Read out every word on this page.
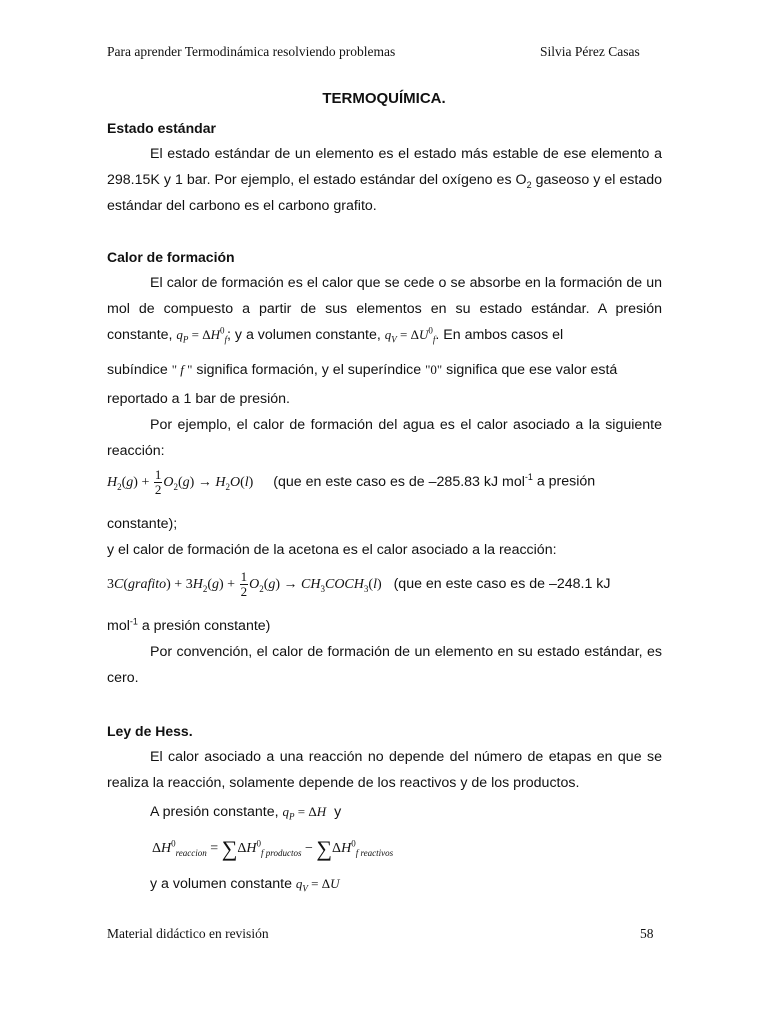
Para aprender Termodinámica resolviendo problemas	Silvia Pérez Casas
TERMOQUÍMICA.
Estado estándar
El estado estándar de un elemento es el estado más estable de ese elemento a 298.15K y 1 bar. Por ejemplo, el estado estándar del oxígeno es $O_2$ gaseoso y el estado estándar del carbono es el carbono grafito.
Calor de formación
El calor de formación es el calor que se cede o se absorbe en la formación de un mol de compuesto a partir de sus elementos en su estado estándar. A presión constante, $q_P = \Delta H^0_f$; y a volumen constante, $q_V = \Delta U^0_f$. En ambos casos el
subíndice " f " significa formación, y el superíndice "0" significa que ese valor está
reportado a 1 bar de presión.
Por ejemplo, el calor de formación del agua es el calor asociado a la siguiente reacción:
$H_2(g) + \frac{1}{2} O_2(g) \to H_2O(l)$ (que en este caso es de –285.83 kJ mol$^{-1}$ a presión
constante);
y el calor de formación de la acetona es el calor asociado a la reacción:
3C(grafito) + $3H_2(g) + \frac{1}{2} O_2(g)$ → $CH_3COCH_3(l)$ (que en este caso es de –248.1 kJ
mol$^{-1}$ a presión constante)
Por convención, el calor de formación de un elemento en su estado estándar, es cero.
Ley de Hess.
El calor asociado a una reacción no depende del número de etapas en que se realiza la reacción, solamente depende de los reactivos y de los productos.
A presión constante, $q_P = \Delta H$ y
$\Delta H^0_{reaccion} = \sum\Delta H^0_{f productos} - \sum\Delta H^0_{f reactivos}$
y a volumen constante $q_V = \Delta U$
Material didáctico en revisión	58
